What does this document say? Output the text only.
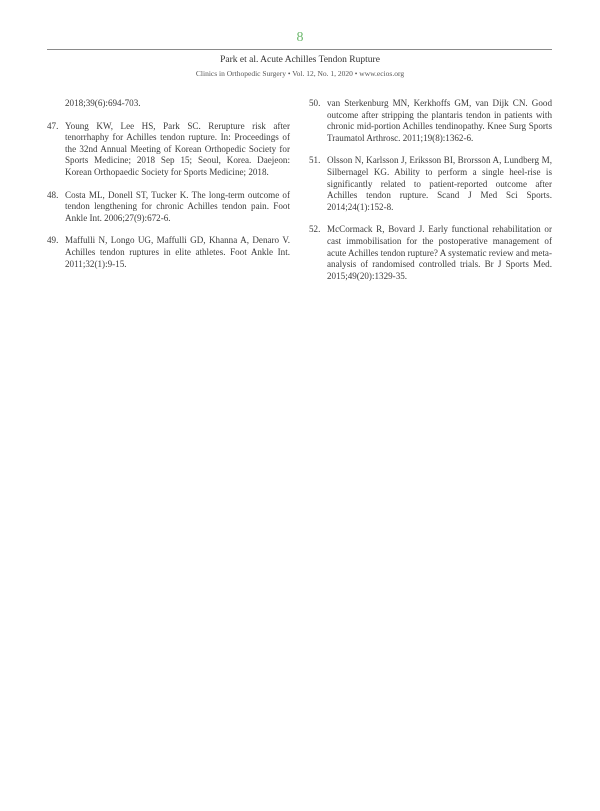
8
Park et al. Acute Achilles Tendon Rupture
Clinics in Orthopedic Surgery • Vol. 12, No. 1, 2020 • www.ecios.org
2018;39(6):694-703.
47. Young KW, Lee HS, Park SC. Rerupture risk after tenorrhaphy for Achilles tendon rupture. In: Proceedings of the 32nd Annual Meeting of Korean Orthopedic Society for Sports Medicine; 2018 Sep 15; Seoul, Korea. Daejeon: Korean Orthopaedic Society for Sports Medicine; 2018.
48. Costa ML, Donell ST, Tucker K. The long-term outcome of tendon lengthening for chronic Achilles tendon pain. Foot Ankle Int. 2006;27(9):672-6.
49. Maffulli N, Longo UG, Maffulli GD, Khanna A, Denaro V. Achilles tendon ruptures in elite athletes. Foot Ankle Int. 2011;32(1):9-15.
50. van Sterkenburg MN, Kerkhoffs GM, van Dijk CN. Good outcome after stripping the plantaris tendon in patients with chronic mid-portion Achilles tendinopathy. Knee Surg Sports Traumatol Arthrosc. 2011;19(8):1362-6.
51. Olsson N, Karlsson J, Eriksson BI, Brorsson A, Lundberg M, Silbernagel KG. Ability to perform a single heel-rise is significantly related to patient-reported outcome after Achilles tendon rupture. Scand J Med Sci Sports. 2014;24(1):152-8.
52. McCormack R, Bovard J. Early functional rehabilitation or cast immobilisation for the postoperative management of acute Achilles tendon rupture? A systematic review and meta-analysis of randomised controlled trials. Br J Sports Med. 2015;49(20):1329-35.
